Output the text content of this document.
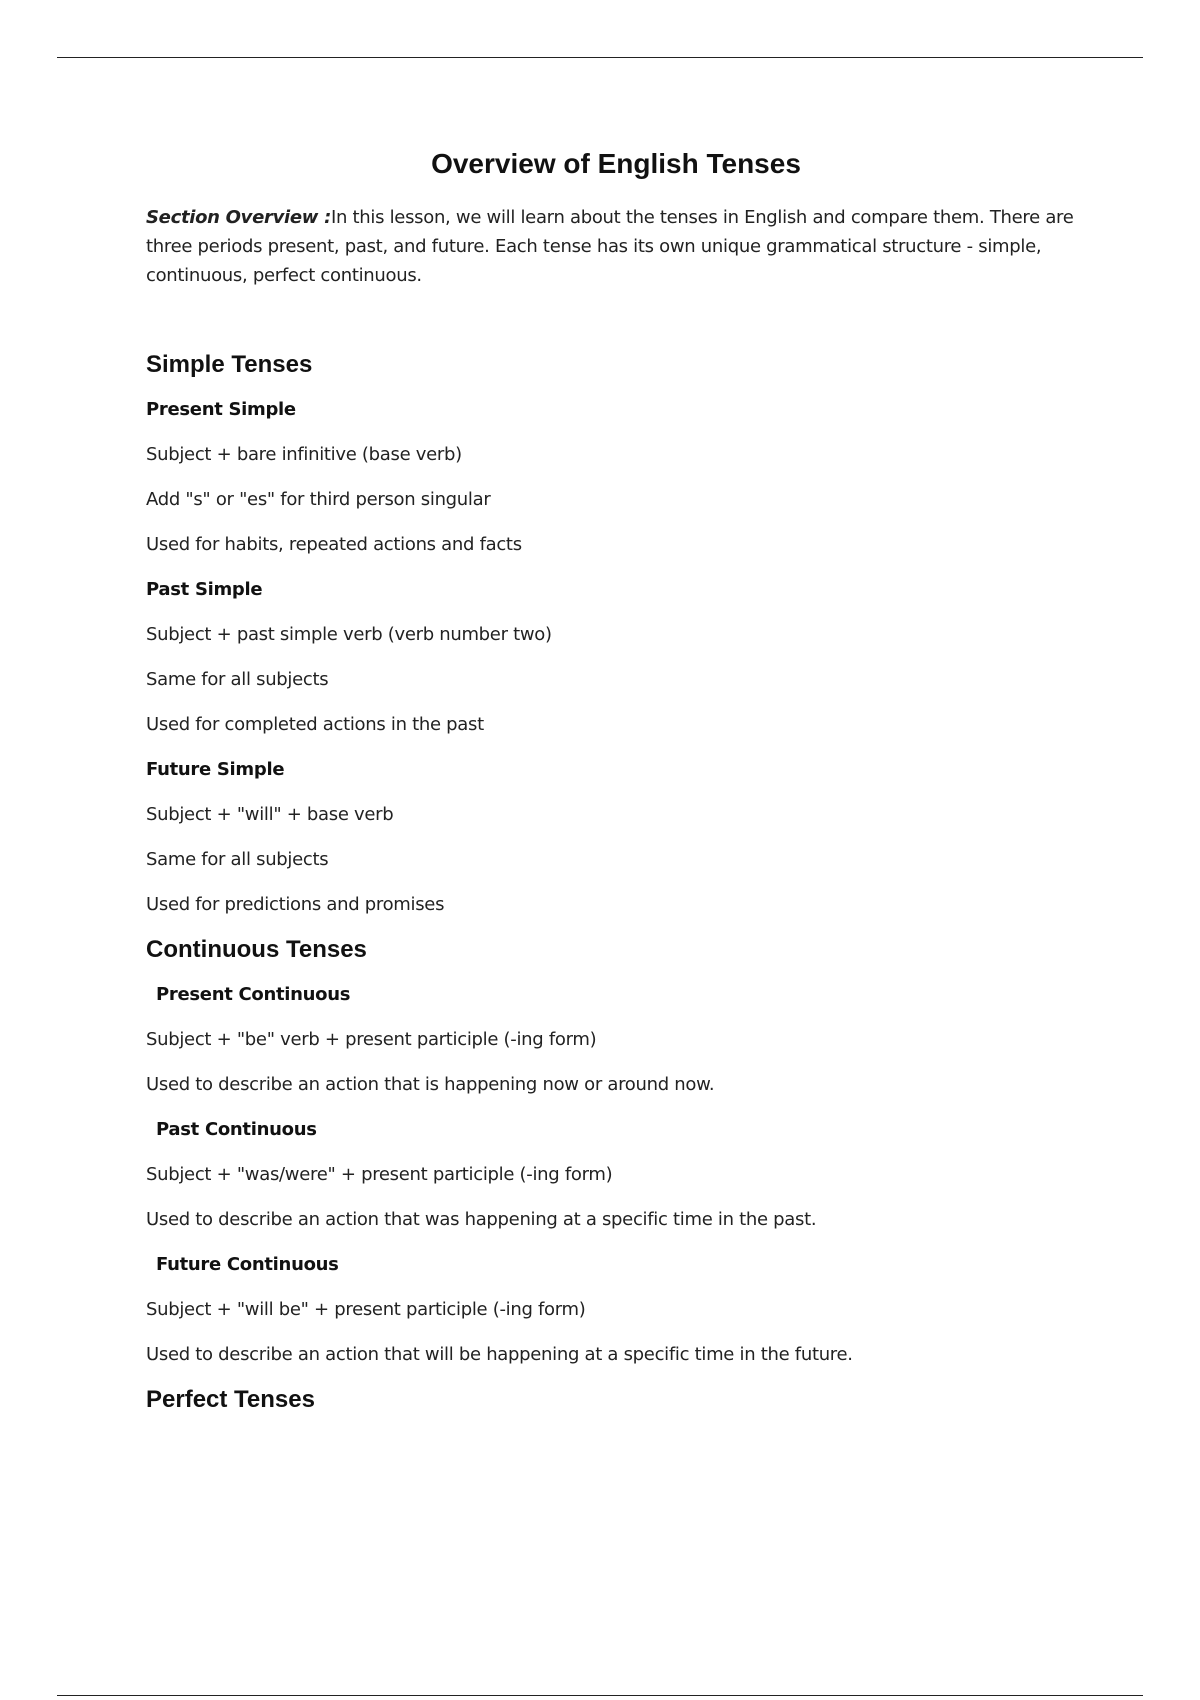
Overview of English Tenses

Section Overview :In this lesson, we will learn about the tenses in English and compare them. There are three periods present, past, and future. Each tense has its own unique grammatical structure - simple, continuous, perfect continuous.

Simple Tenses
Present Simple

Subject + bare infinitive (base verb)

Add "s" or "es" for third person singular

Used for habits, repeated actions and facts

Past Simple

Subject + past simple verb (verb number two)

Same for all subjects

Used for completed actions in the past

Future Simple

Subject + "will" + base verb

Same for all subjects

Used for predictions and promises

Continuous Tenses
Present Continuous

Subject + "be" verb + present participle (-ing form)

Used to describe an action that is happening now or around now.

Past Continuous

Subject + "was/were" + present participle (-ing form)

Used to describe an action that was happening at a specific time in the past.

Future Continuous

Subject + "will be" + present participle (-ing form)

Used to describe an action that will be happening at a specific time in the future.

Perfect Tenses
